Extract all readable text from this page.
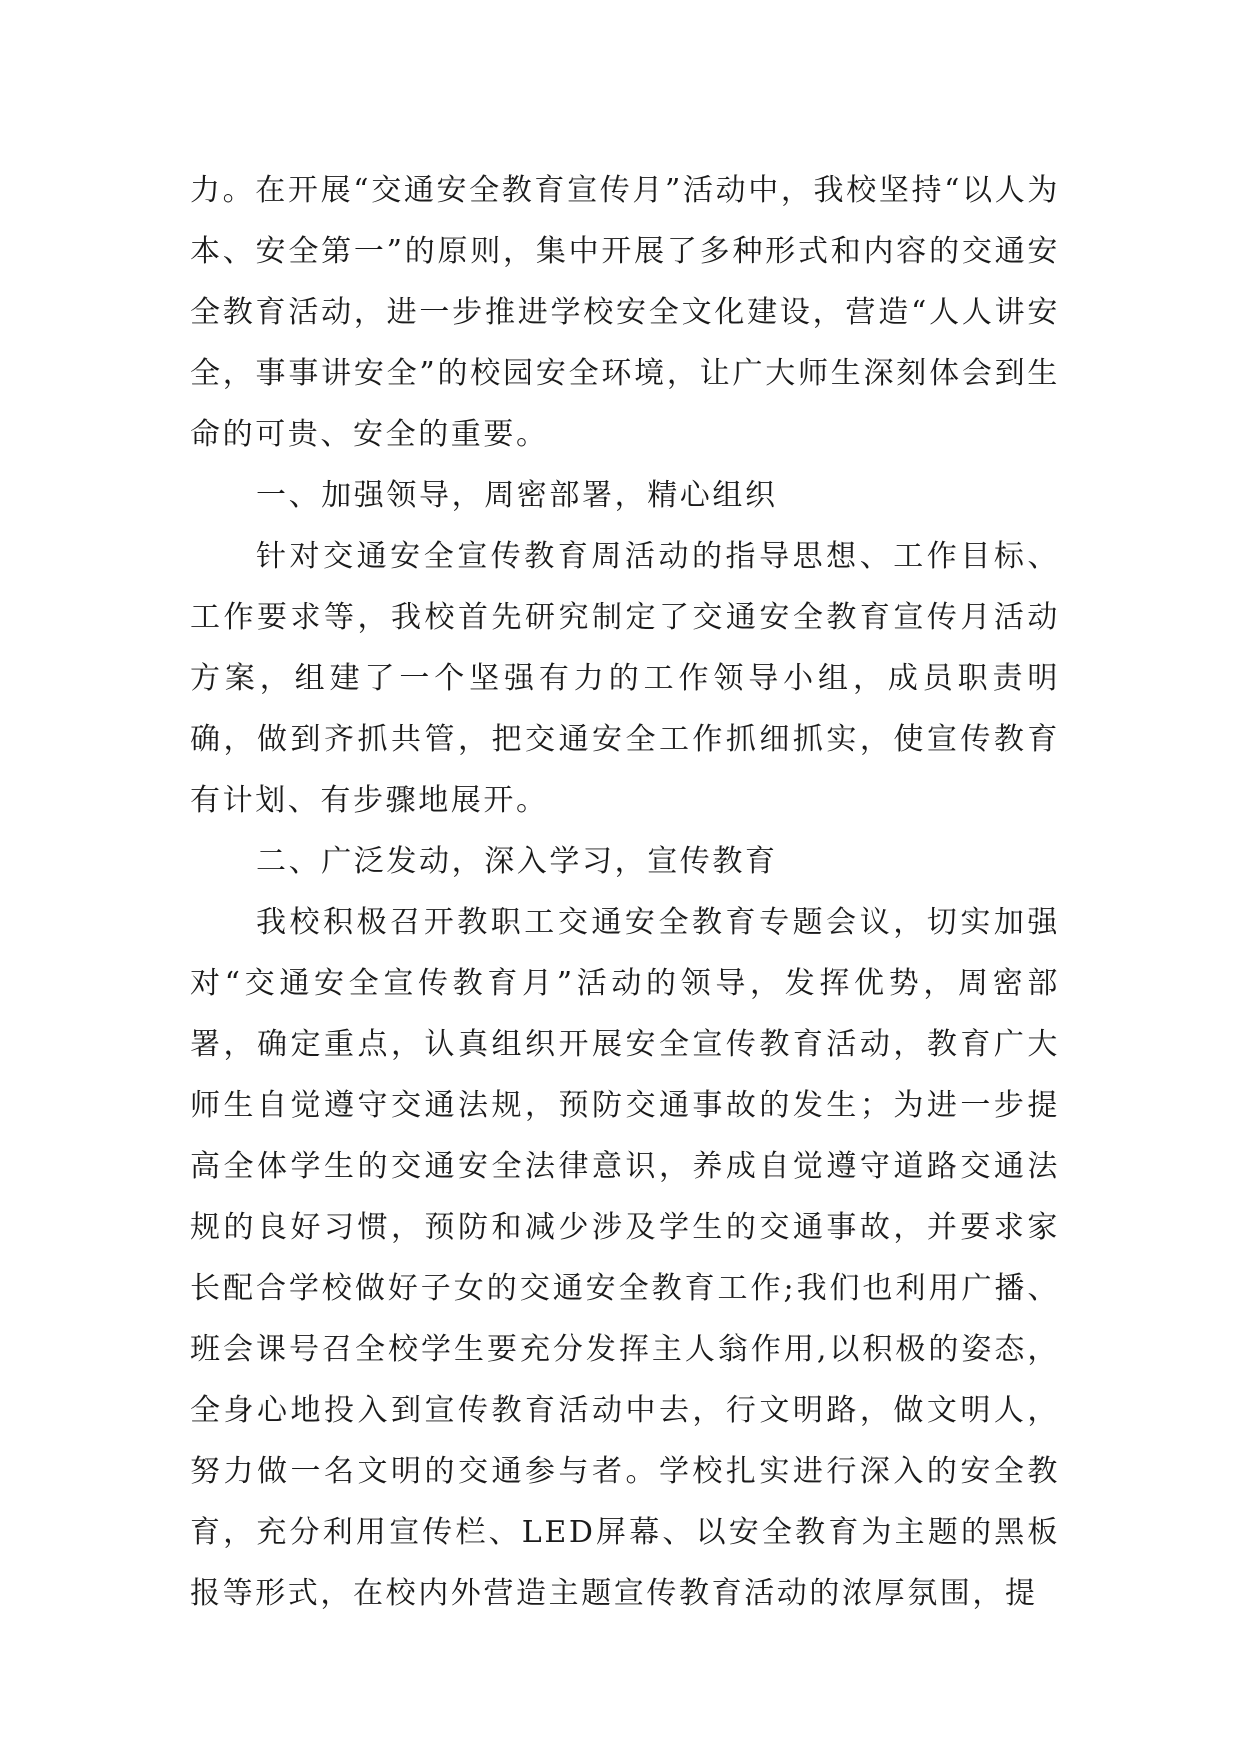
力。在开展“交通安全教育宣传月”活动中，我校坚持“以人为本、安全第一”的原则，集中开展了多种形式和内容的交通安全教育活动，进一步推进学校安全文化建设，营造“人人讲安全，事事讲安全”的校园安全环境，让广大师生深刻体会到生命的可贵、安全的重要。

一、加强领导，周密部署，精心组织

针对交通安全宣传教育周活动的指导思想、工作目标、工作要求等，我校首先研究制定了交通安全教育宣传月活动方案，组建了一个坚强有力的工作领导小组，成员职责明确，做到齐抓共管，把交通安全工作抓细抓实，使宣传教育有计划、有步骤地展开。

二、广泛发动，深入学习，宣传教育

我校积极召开教职工交通安全教育专题会议，切实加强对“交通安全宣传教育月”活动的领导，发挥优势，周密部署，确定重点，认真组织开展安全宣传教育活动，教育广大师生自觉遵守交通法规，预防交通事故的发生；为进一步提高全体学生的交通安全法律意识，养成自觉遵守道路交通法规的良好习惯，预防和减少涉及学生的交通事故，并要求家长配合学校做好子女的交通安全教育工作;我们也利用广播、班会课号召全校学生要充分发挥主人翁作用,以积极的姿态，全身心地投入到宣传教育活动中去，行文明路，做文明人，努力做一名文明的交通参与者。学校扎实进行深入的安全教育，充分利用宣传栏、LED屏幕、以安全教育为主题的黑板报等形式，在校内外营造主题宣传教育活动的浓厚氛围，提
